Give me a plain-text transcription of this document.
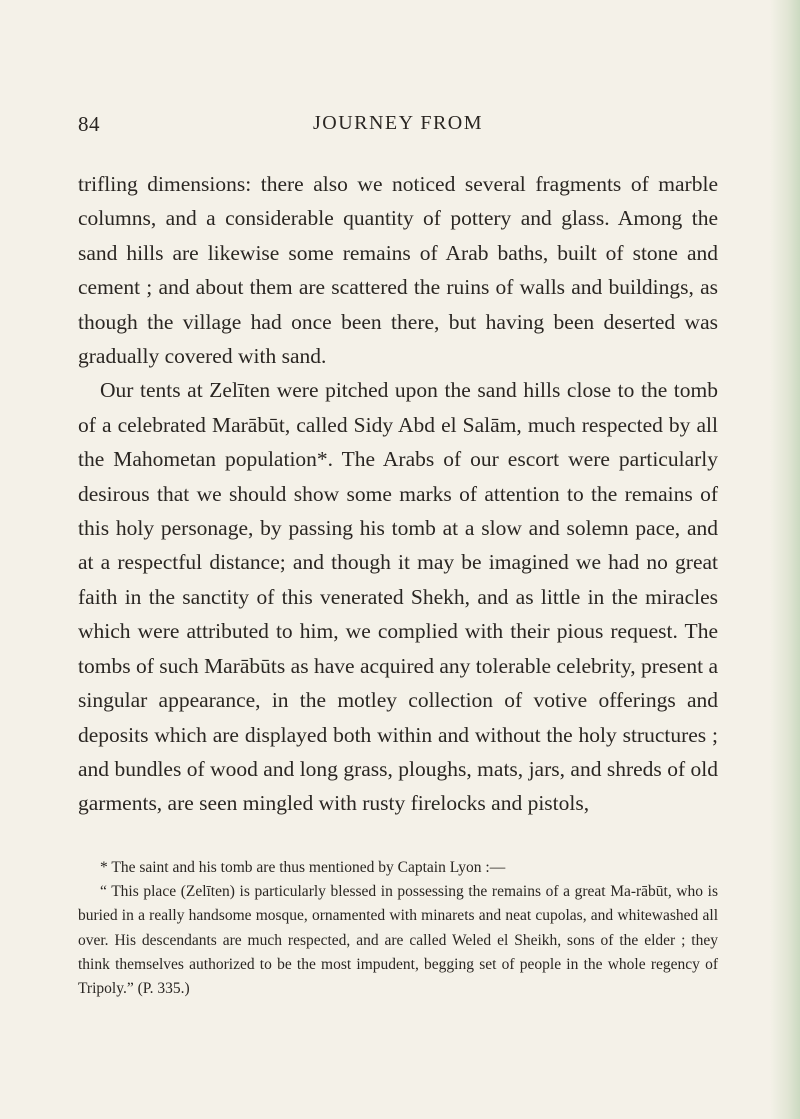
84	JOURNEY FROM

trifling dimensions: there also we noticed several fragments of marble columns, and a considerable quantity of pottery and glass. Among the sand hills are likewise some remains of Arab baths, built of stone and cement ; and about them are scattered the ruins of walls and buildings, as though the village had once been there, but having been deserted was gradually covered with sand.

Our tents at Zelīten were pitched upon the sand hills close to the tomb of a celebrated Marābūt, called Sidy Abd el Salām, much respected by all the Mahometan population*. The Arabs of our escort were particularly desirous that we should show some marks of attention to the remains of this holy personage, by passing his tomb at a slow and solemn pace, and at a respectful distance; and though it may be imagined we had no great faith in the sanctity of this venerated Shekh, and as little in the miracles which were attributed to him, we complied with their pious request. The tombs of such Marābūts as have acquired any tolerable celebrity, present a singular appearance, in the motley collection of votive offerings and deposits which are displayed both within and without the holy structures ; and bundles of wood and long grass, ploughs, mats, jars, and shreds of old garments, are seen mingled with rusty firelocks and pistols,

* The saint and his tomb are thus mentioned by Captain Lyon :—

“ This place (Zelīten) is particularly blessed in possessing the remains of a great Ma-rābūt, who is buried in a really handsome mosque, ornamented with minarets and neat cupolas, and whitewashed all over. His descendants are much respected, and are called Weled el Sheikh, sons of the elder ; they think themselves authorized to be the most impudent, begging set of people in the whole regency of Tripoly.” (P. 335.)
